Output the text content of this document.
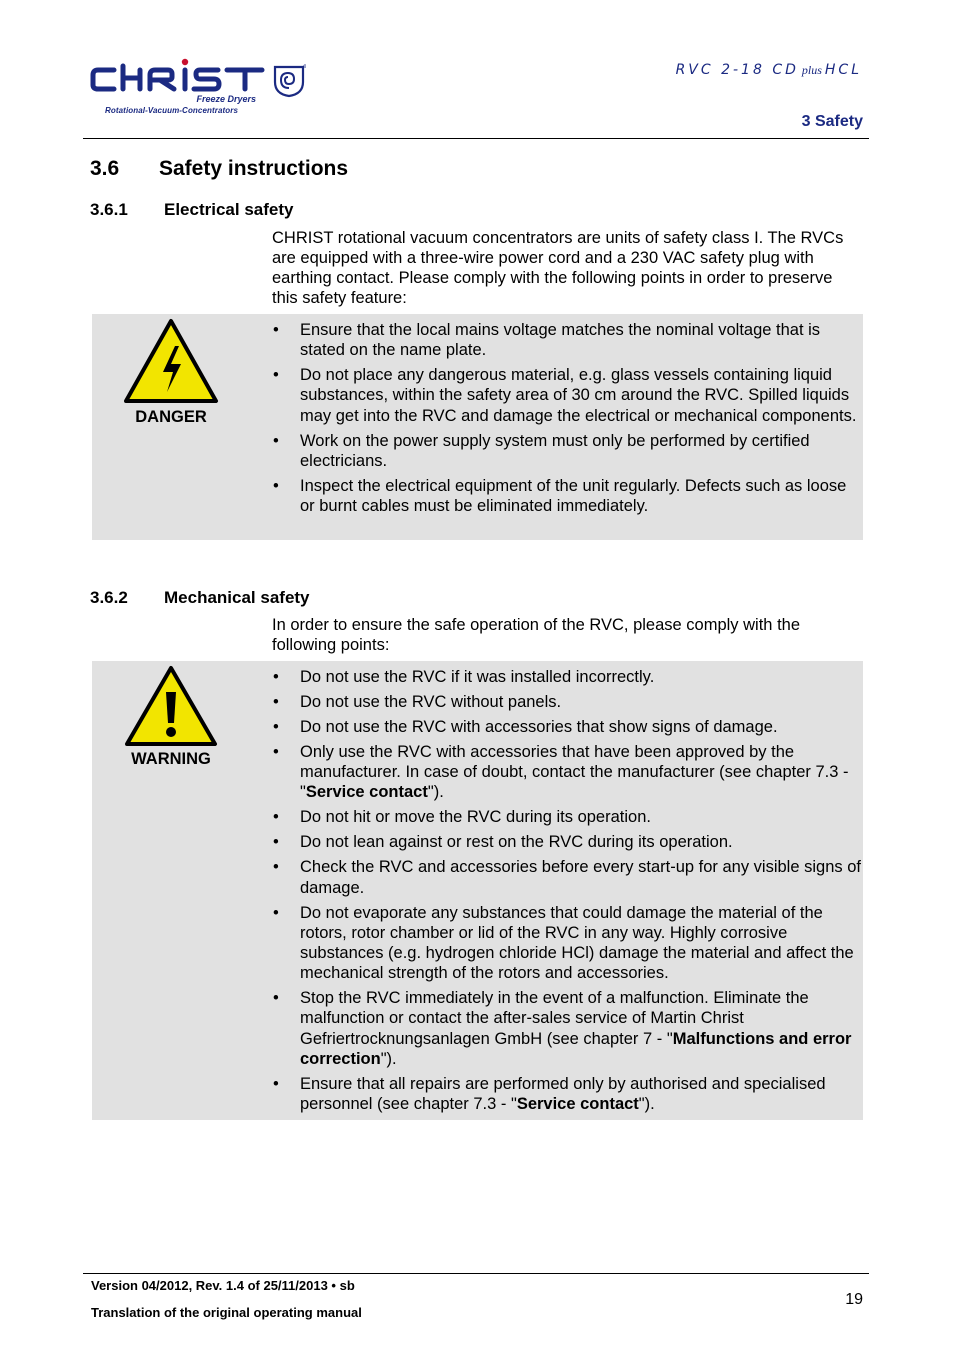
Freeze Dryers
Rotational-Vacuum-Concentrators
RVC 2-18 CD plus HCL
3 Safety
3.6 Safety instructions
3.6.1 Electrical safety
CHRIST rotational vacuum concentrators are units of safety class I. The RVCs are equipped with a three-wire power cord and a 230 VAC safety plug with earthing contact. Please comply with the following points in order to preserve this safety feature:
DANGER
• Ensure that the local mains voltage matches the nominal voltage that is stated on the name plate.
• Do not place any dangerous material, e.g. glass vessels containing liquid substances, within the safety area of 30 cm around the RVC. Spilled liquids may get into the RVC and damage the electrical or mechanical components.
• Work on the power supply system must only be performed by certified electricians.
• Inspect the electrical equipment of the unit regularly. Defects such as loose or burnt cables must be eliminated immediately.
3.6.2 Mechanical safety
In order to ensure the safe operation of the RVC, please comply with the following points:
WARNING
• Do not use the RVC if it was installed incorrectly.
• Do not use the RVC without panels.
• Do not use the RVC with accessories that show signs of damage.
• Only use the RVC with accessories that have been approved by the manufacturer. In case of doubt, contact the manufacturer (see chapter 7.3 - "Service contact").
• Do not hit or move the RVC during its operation.
• Do not lean against or rest on the RVC during its operation.
• Check the RVC and accessories before every start-up for any visible signs of damage.
• Do not evaporate any substances that could damage the material of the rotors, rotor chamber or lid of the RVC in any way. Highly corrosive substances (e.g. hydrogen chloride HCl) damage the material and affect the mechanical strength of the rotors and accessories.
• Stop the RVC immediately in the event of a malfunction. Eliminate the malfunction or contact the after-sales service of Martin Christ Gefriertrocknungsanlagen GmbH (see chapter 7 - "Malfunctions and error correction").
• Ensure that all repairs are performed only by authorised and specialised personnel (see chapter 7.3 - "Service contact").
Version 04/2012, Rev. 1.4 of 25/11/2013 • sb
Translation of the original operating manual
19
